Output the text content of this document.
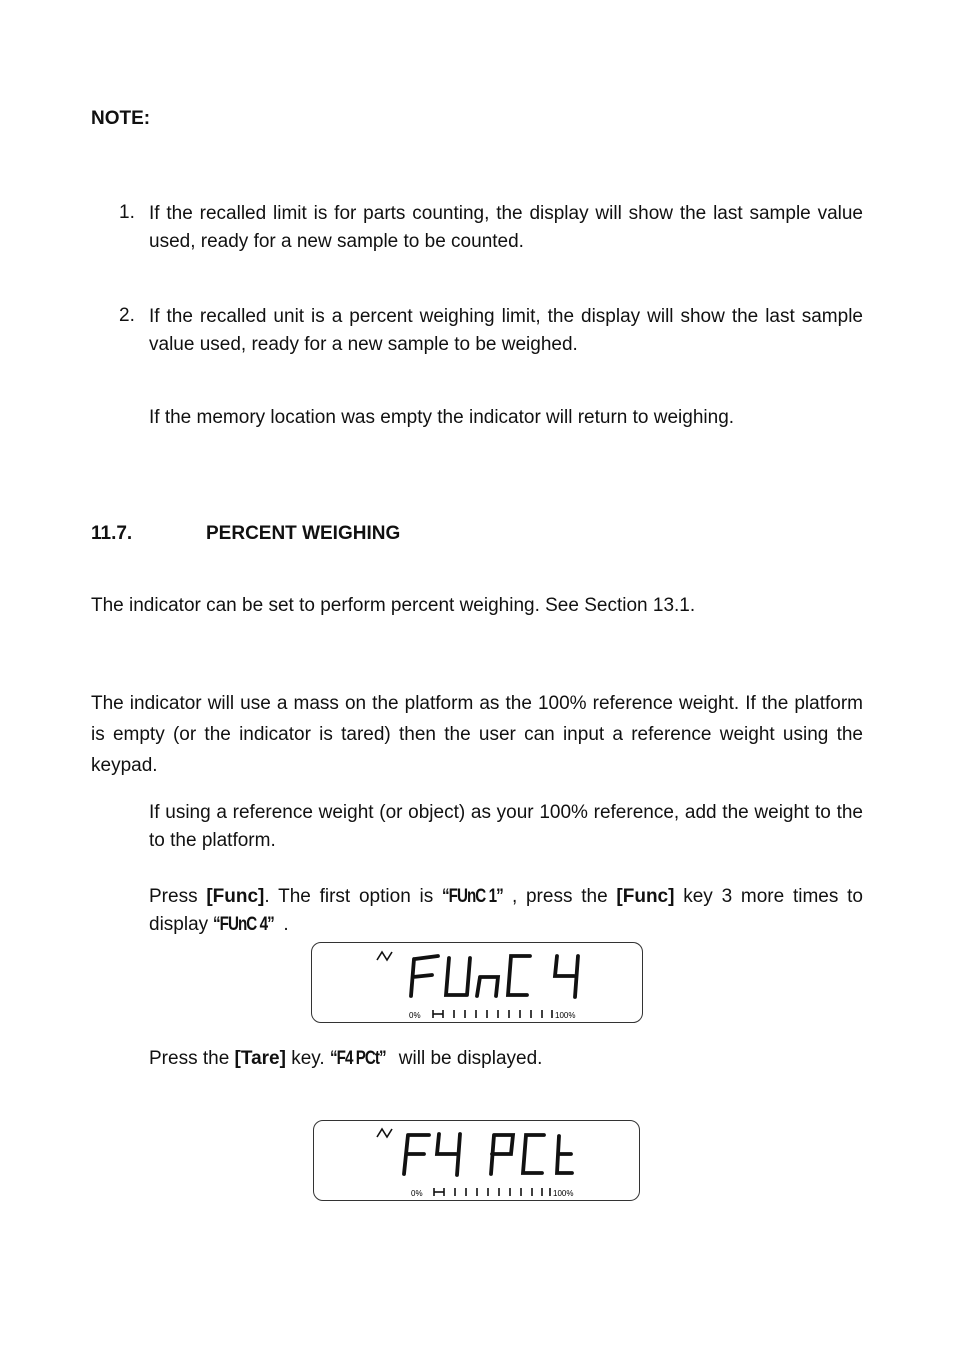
NOTE:
1. If the recalled limit is for parts counting, the display will show the last sample value used, ready for a new sample to be counted.
2. If the recalled unit is a percent weighing limit, the display will show the last sample value used, ready for a new sample to be weighed.
If the memory location was empty the indicator will return to weighing.
11.7.	PERCENT WEIGHING
The indicator can be set to perform percent weighing. See Section 13.1.
The indicator will use a mass on the platform as the 100% reference weight. If the platform is empty (or the indicator is tared) then the user can input a reference weight using the keypad.
If using a reference weight (or object) as your 100% reference, add the weight to the to the platform.
Press [Func]. The first option is “FUnC 1” , press the [Func] key 3 more times to display “FUnC 4” .
0%	100%
Press the [Tare] key. “F4 PCt” will be displayed.
0%	100%
